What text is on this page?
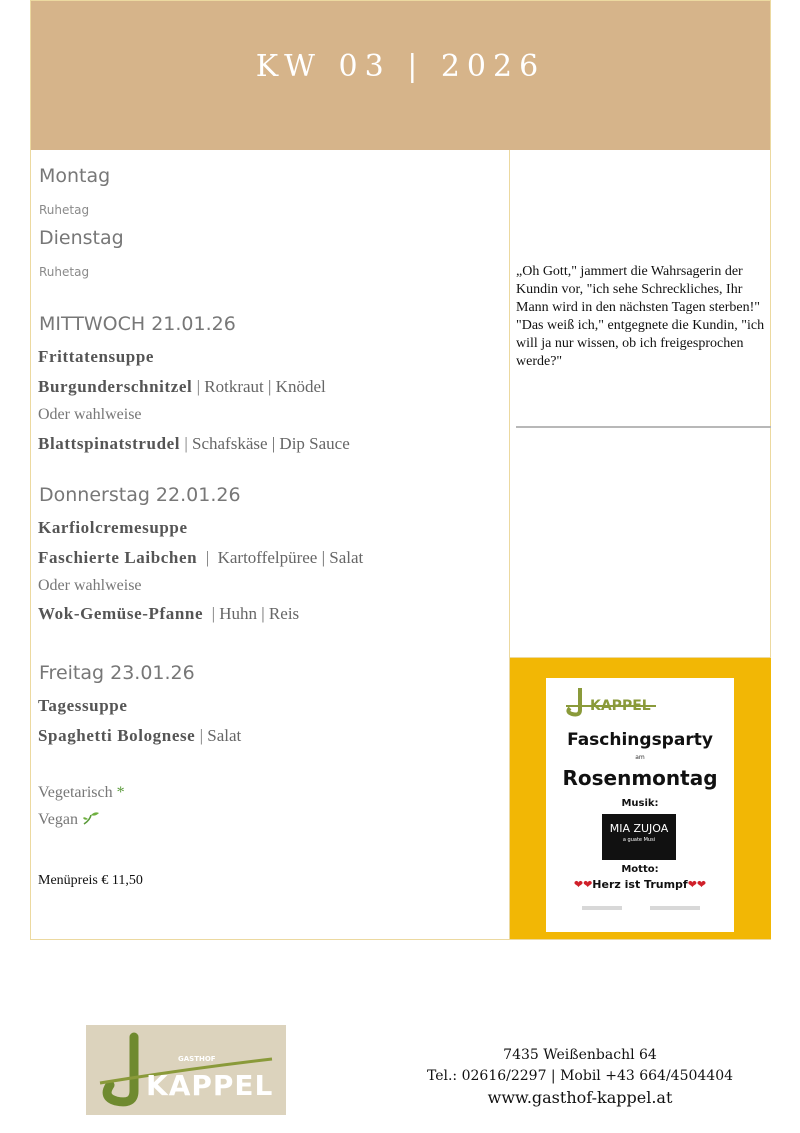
KW 03 | 2026
Montag
Ruhetag
Dienstag
Ruhetag
MITTWOCH 21.01.26
Frittatensuppe
Burgunderschnitzel | Rotkraut | Knödel
Oder wahlweise
Blattspinatstrudel | Schafskäse | Dip Sauce
Donnerstag 22.01.26
Karfiolcremesuppe
Faschierte Laibchen | Kartoffelpüree | Salat
Oder wahlweise
Wok-Gemüse-Pfanne | Huhn | Reis
Freitag 23.01.26
Tagessuppe
Spaghetti Bolognese | Salat
Vegetarisch *
Vegan
Menüpreis € 11,50
„Oh Gott," jammert die Wahrsagerin der Kundin vor, "ich sehe Schreckliches, Ihr Mann wird in den nächsten Tagen sterben!" "Das weiß ich," entgegnete die Kundin, "ich will ja nur wissen, ob ich freigesprochen werde?"
KAPPEL
Faschingsparty
am
Rosenmontag
Musik:
MIA ZUJOA
a guate Musi
Motto:
❤❤Herz ist Trumpf❤❤
GASTHOF
KAPPEL
7435 Weißenbachl 64
Tel.: 02616/2297 | Mobil +43 664/4504404
www.gasthof-kappel.at
